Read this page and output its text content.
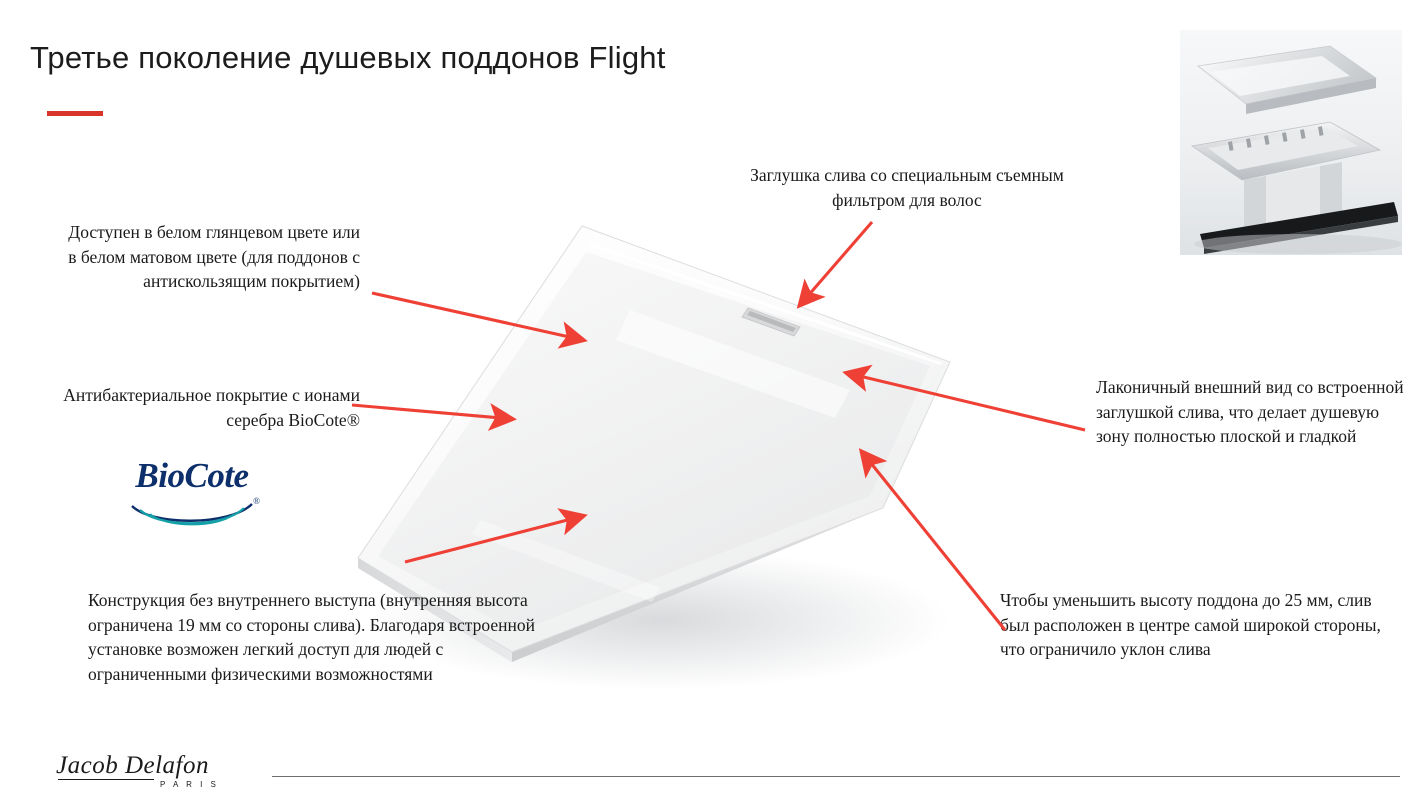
Третье поколение душевых поддонов Flight
BioCote
®
Заглушка слива со специальным съемным фильтром для волос
Доступен в белом глянцевом цвете или в белом матовом цвете (для поддонов с антискользящим покрытием)
Антибактериальное покрытие с ионами серебра BioCote®
Лаконичный внешний вид со встроенной заглушкой слива, что делает душевую зону полностью плоской и гладкой
Конструкция без внутреннего выступа (внутренняя высота ограничена 19 мм со стороны слива). Благодаря встроенной установке возможен легкий доступ для людей с ограниченными физическими возможностями
Чтобы уменьшить высоту поддона до 25 мм, слив был расположен в центре самой широкой стороны, что ограничило уклон слива
Jacob Delafon
P A R I S
